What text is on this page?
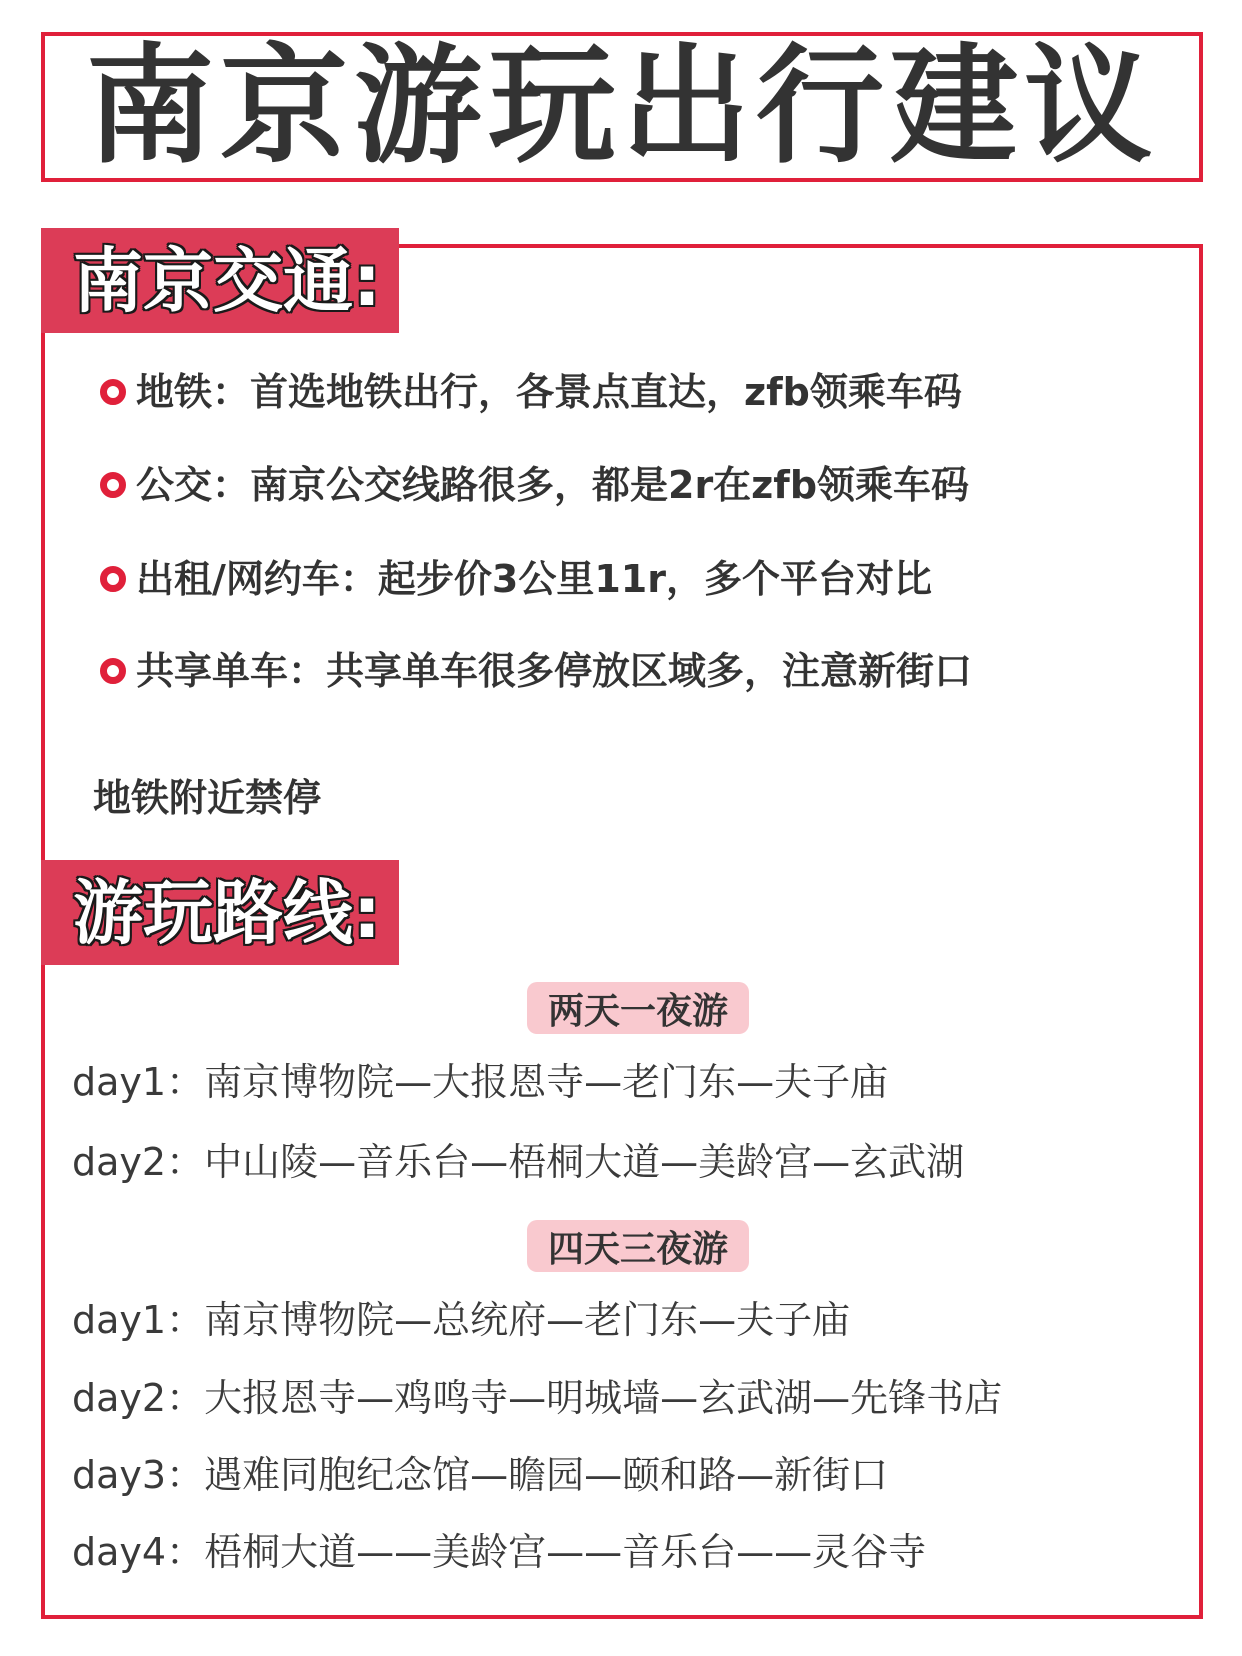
南京游玩出行建议
南京交通:
地铁：首选地铁出行，各景点直达，zfb领乘车码
公交：南京公交线路很多，都是2r在zfb领乘车码
出租/网约车：起步价3公里11r，多个平台对比
共享单车：共享单车很多停放区域多，注意新街口
地铁附近禁停
游玩路线:
两天一夜游
day1： 南京博物院—大报恩寺—老门东—夫子庙
day2： 中山陵—音乐台—梧桐大道—美龄宫—玄武湖
四天三夜游
day1： 南京博物院—总统府—老门东—夫子庙
day2： 大报恩寺—鸡鸣寺—明城墙—玄武湖—先锋书店
day3： 遇难同胞纪念馆—瞻园—颐和路—新街口
day4： 梧桐大道——美龄宫——音乐台——灵谷寺
